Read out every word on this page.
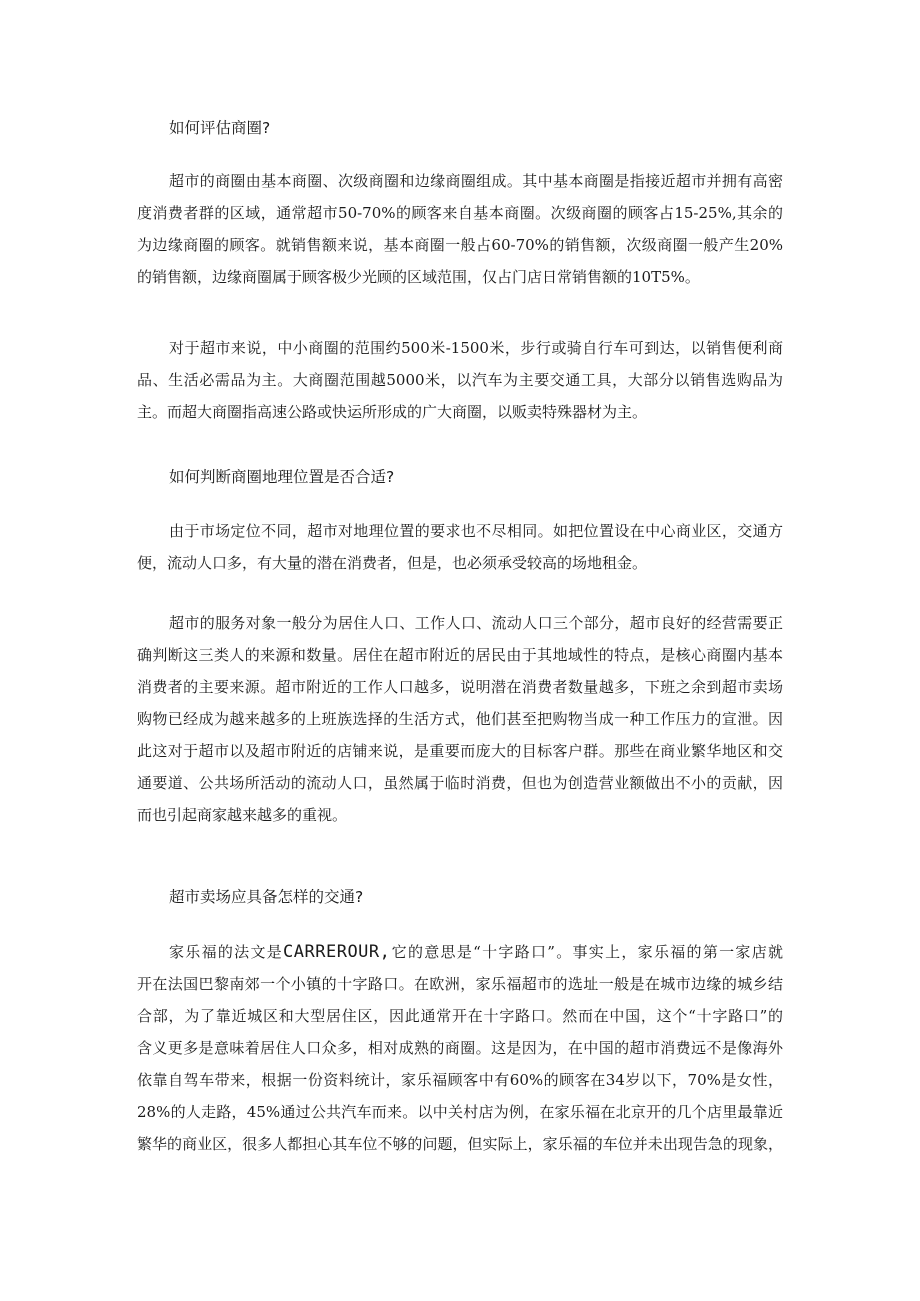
如何评估商圈?
超市的商圈由基本商圈、次级商圈和边缘商圈组成。其中基本商圈是指接近超市并拥有高密
度消费者群的区域，通常超市50-70%的顾客来自基本商圈。次级商圈的顾客占15-25%,其余的
为边缘商圈的顾客。就销售额来说，基本商圈一般占60-70%的销售额，次级商圈一般产生20%
的销售额，边缘商圈属于顾客极少光顾的区域范围，仅占门店日常销售额的10T5%。
对于超市来说，中小商圈的范围约500米-1500米，步行或骑自行车可到达，以销售便利商
品、生活必需品为主。大商圈范围越5000米，以汽车为主要交通工具，大部分以销售选购品为
主。而超大商圈指高速公路或快运所形成的广大商圈，以贩卖特殊器材为主。
如何判断商圈地理位置是否合适?
由于市场定位不同，超市对地理位置的要求也不尽相同。如把位置设在中心商业区，交通方
便，流动人口多，有大量的潜在消费者，但是，也必须承受较高的场地租金。
超市的服务对象一般分为居住人口、工作人口、流动人口三个部分，超市良好的经营需要正
确判断这三类人的来源和数量。居住在超市附近的居民由于其地域性的特点，是核心商圈内基本
消费者的主要来源。超市附近的工作人口越多，说明潜在消费者数量越多，下班之余到超市卖场
购物已经成为越来越多的上班族选择的生活方式，他们甚至把购物当成一种工作压力的宣泄。因
此这对于超市以及超市附近的店铺来说，是重要而庞大的目标客户群。那些在商业繁华地区和交
通要道、公共场所活动的流动人口，虽然属于临时消费，但也为创造营业额做出不小的贡献，因
而也引起商家越来越多的重视。
超市卖场应具备怎样的交通?
家乐福的法文是CARREROUR,它的意思是“十字路口”。事实上，家乐福的第一家店就
开在法国巴黎南郊一个小镇的十字路口。在欧洲，家乐福超市的选址一般是在城市边缘的城乡结
合部，为了靠近城区和大型居住区，因此通常开在十字路口。然而在中国，这个“十字路口”的
含义更多是意味着居住人口众多，相对成熟的商圈。这是因为，在中国的超市消费远不是像海外
依靠自驾车带来，根据一份资料统计，家乐福顾客中有60%的顾客在34岁以下，70%是女性，
28%的人走路，45%通过公共汽车而来。以中关村店为例，在家乐福在北京开的几个店里最靠近
繁华的商业区，很多人都担心其车位不够的问题，但实际上，家乐福的车位并未出现告急的现象，
